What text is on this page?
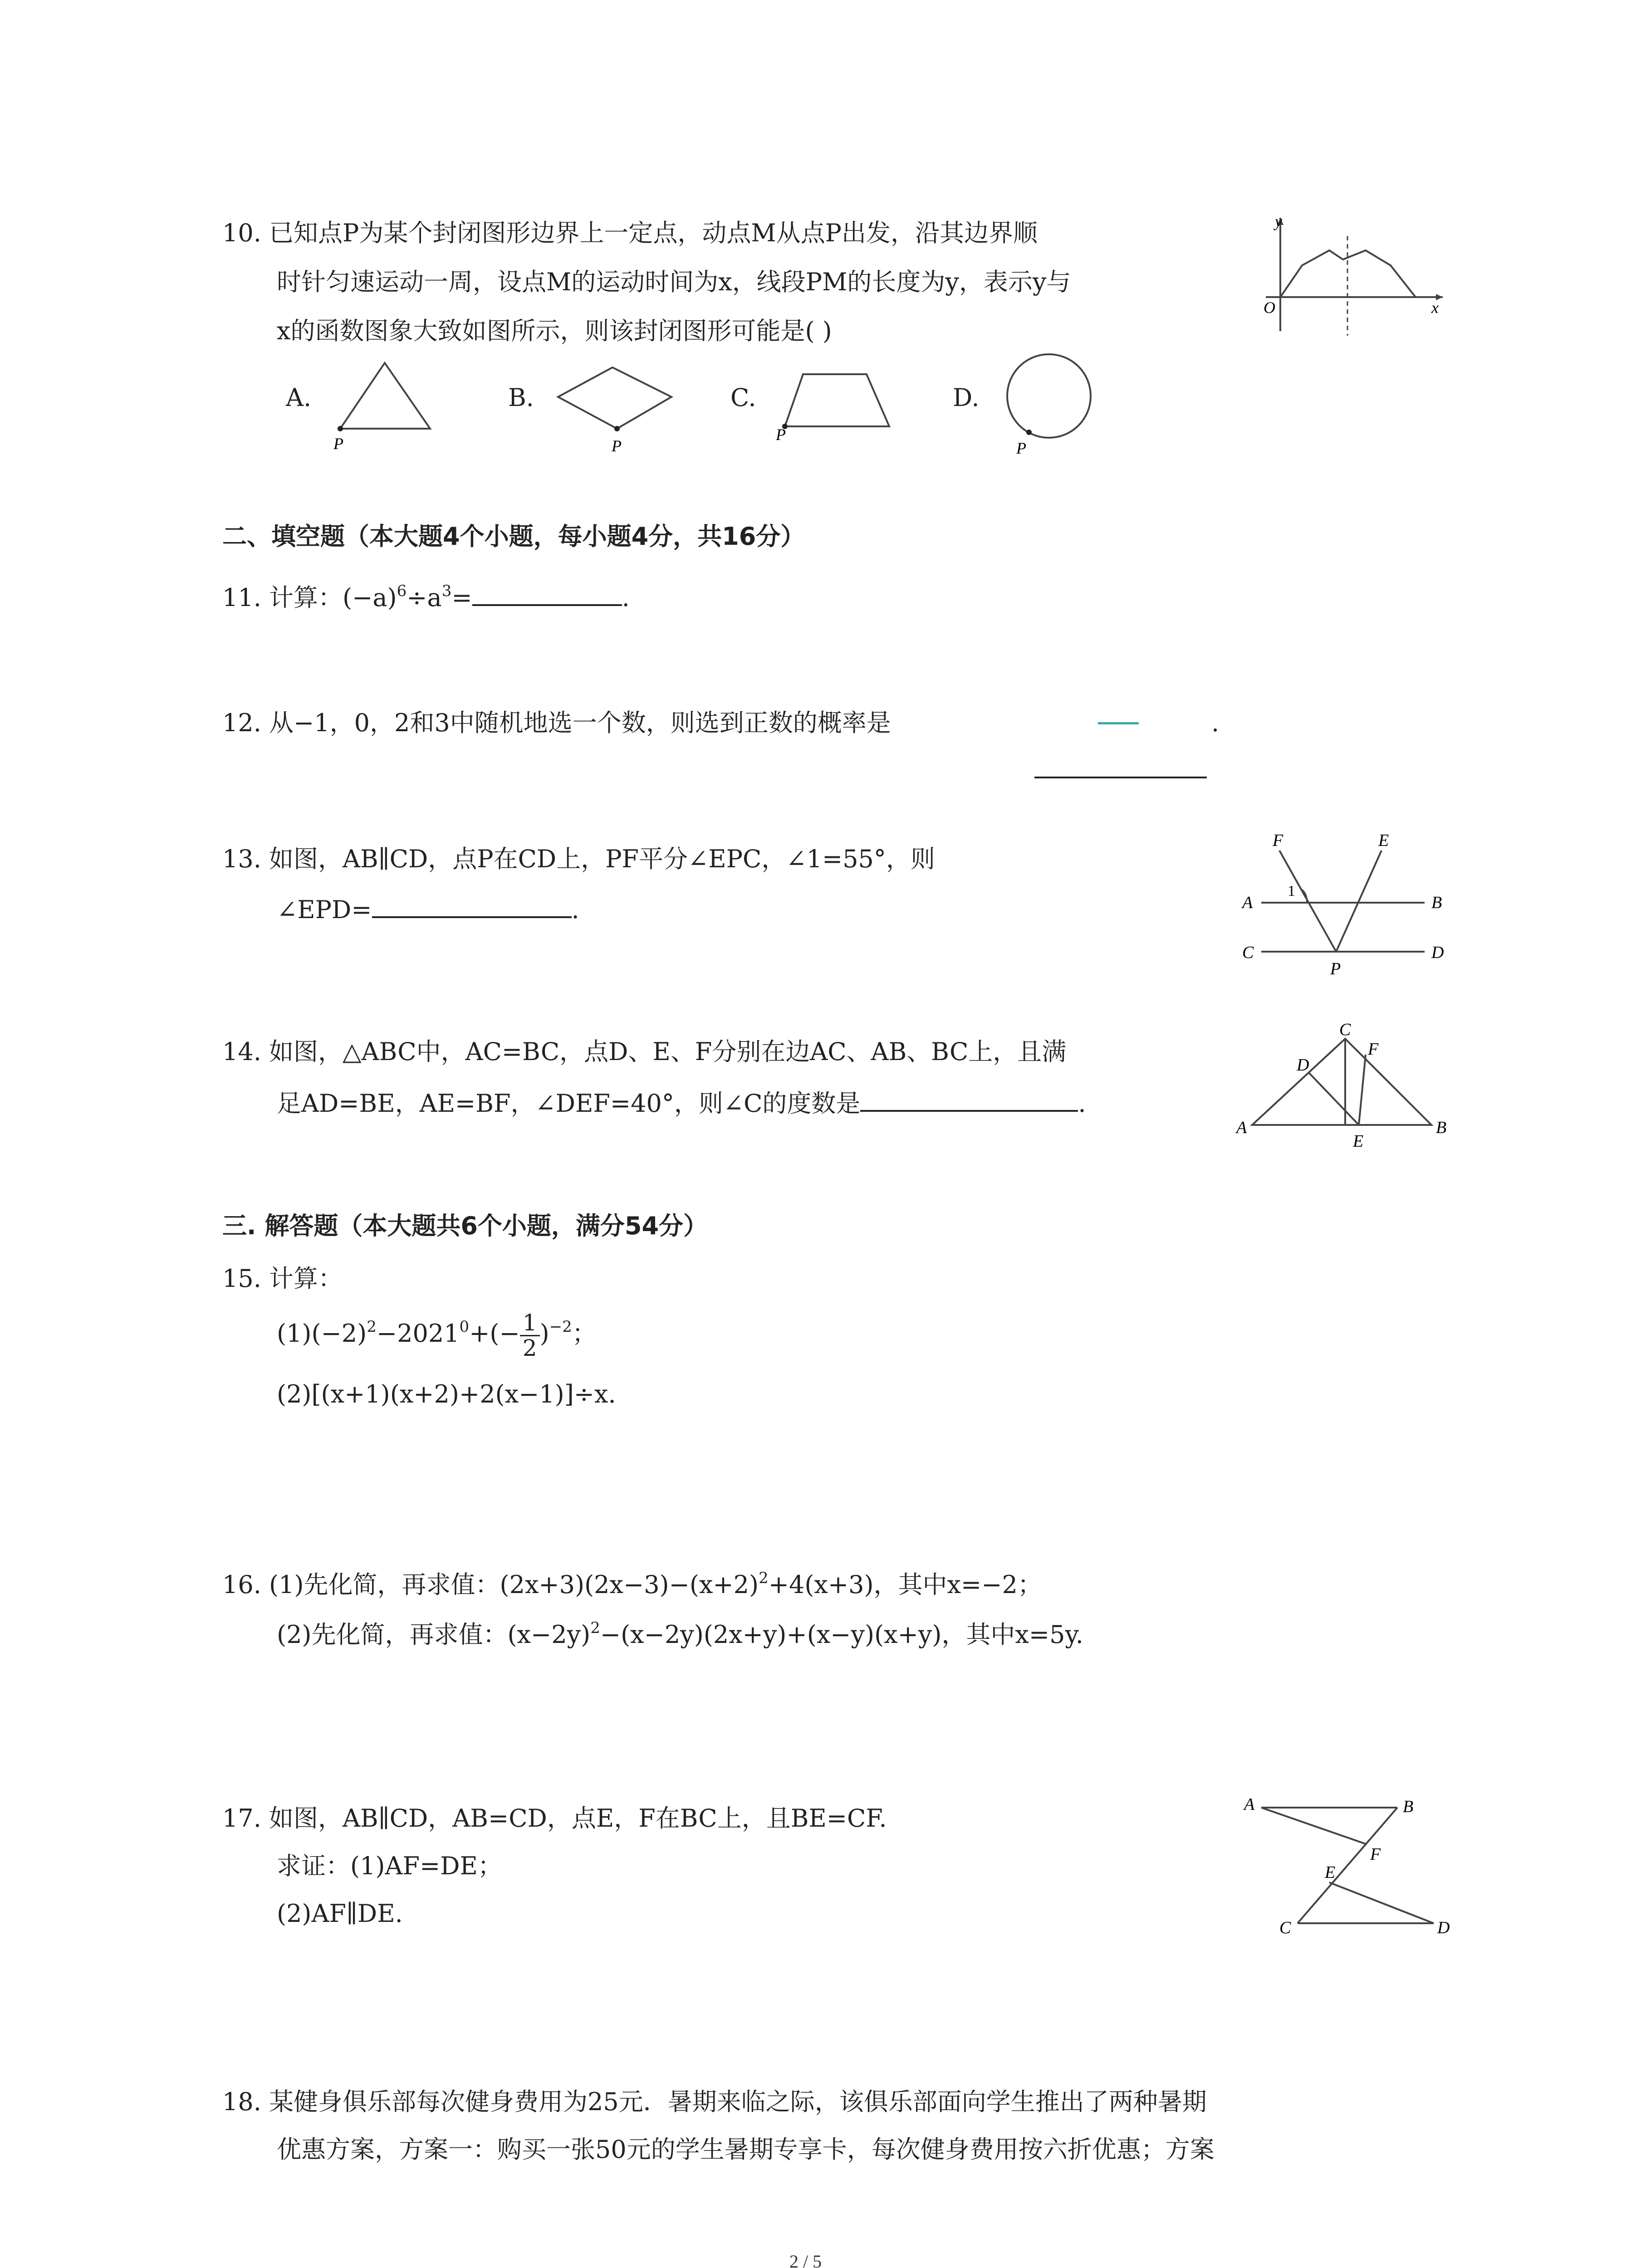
10. 已知点P为某个封闭图形边界上一定点，动点M从点P出发，沿其边界顺
时针匀速运动一周，设点M的运动时间为x，线段PM的长度为y，表示y与
x的函数图象大致如图所示，则该封闭图形可能是( )
y
x
O
A.
P
B.
P
C.
P
D.
P
二、填空题（本大题4个小题，每小题4分，共16分）
11. 计算：$(-a)^6\div a^3=$	.
12. 从−1，0，2和3中随机地选一个数，则选到正数的概率是	.
13. 如图，AB∥CD，点P在CD上，PF平分∠EPC，∠1=55°，则
∠EPD=	.
F	E
A	B
C	D
P
1
14. 如图，△ABC中，AC=BC，点D、E、F分别在边AC、AB、BC上，且满
足AD=BE，AE=BF，∠DEF=40°，则∠C的度数是	.
A	B
C
D
E
F
三. 解答题（本大题共6个小题，满分54分）
15. 计算：
$(1)(-2)^2-2021^0+(- \frac{1}{2} )^{-2}$；
(2)[(x+1)(x+2)+2(x−1)]÷x.
16. (1)先化简，再求值：$(2x+3)(2x-3)-(x+2)^2+4(x+3)$，其中x=−2；
(2)先化简，再求值：$(x-2y)^2-(x-2y)(2x+y)+(x-y)(x+y)$，其中x=5y.
17. 如图，AB∥CD，AB=CD，点E，F在BC上，且BE=CF.
求证：(1)AF=DE；
(2)AF∥DE.
A	B
C	D
E
F
18. 某健身俱乐部每次健身费用为25元．暑期来临之际，该俱乐部面向学生推出了两种暑期
优惠方案，方案一：购买一张50元的学生暑期专享卡，每次健身费用按六折优惠；方案
2 / 5
